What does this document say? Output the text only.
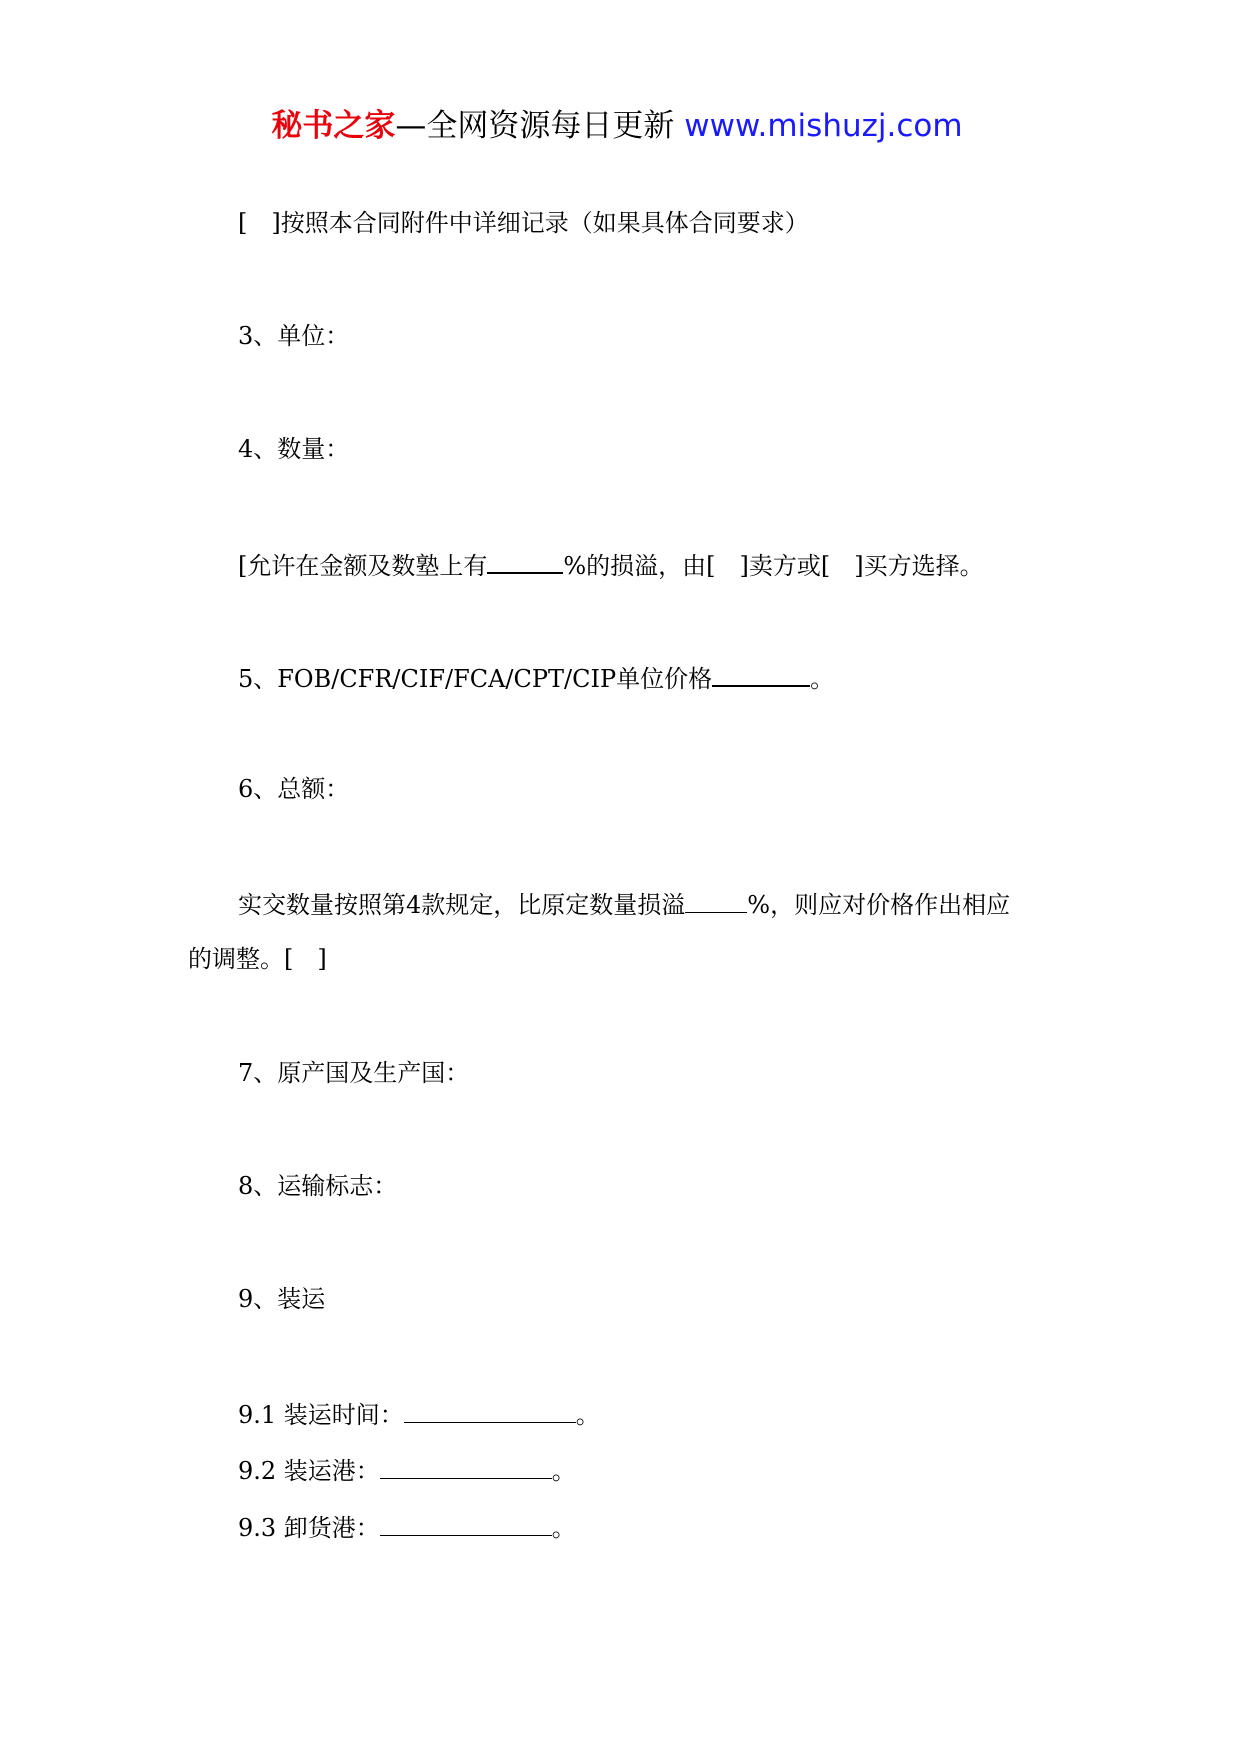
秘书之家—全网资源每日更新 www.mishuzj.com
[　]按照本合同附件中详细记录（如果具体合同要求）
3、单位：
4、数量：
[允许在金额及数塾上有	%的损溢，由[　]卖方或[　]买方选择。
5、FOB/CFR/CIF/FCA/CPT/CIP单位价格	。
6、总额：
实交数量按照第4款规定，比原定数量损溢	%，则应对价格作出相应
的调整。[　]
7、原产国及生产国：
8、运输标志：
9、装运
9.1 装运时间：	。
9.2 装运港：	。
9.3 卸货港：	。
